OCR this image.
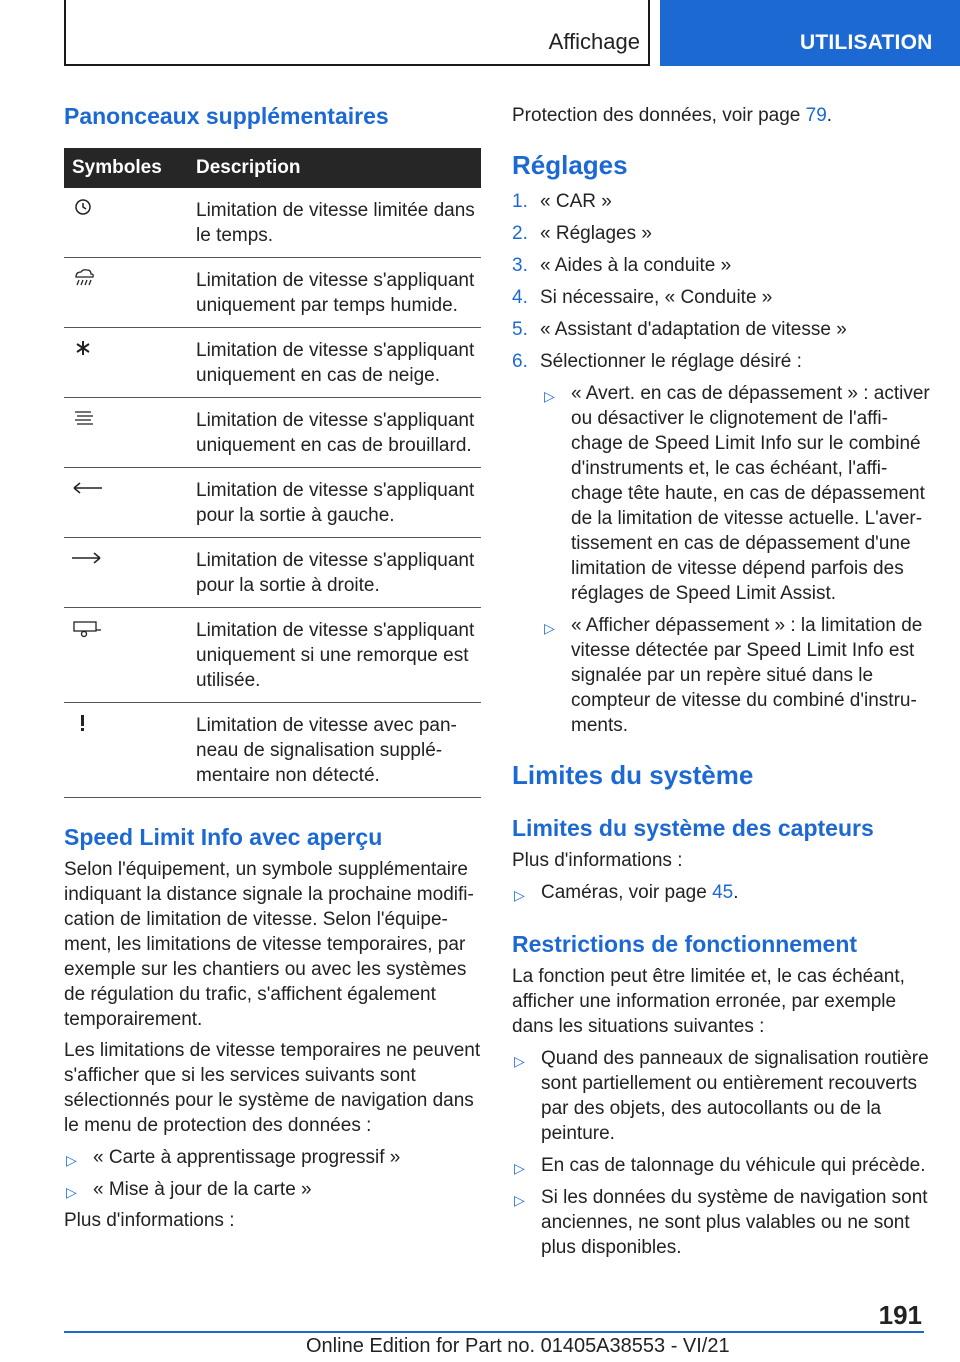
Affichage	UTILISATION
Panonceaux supplémentaires
Symboles	Description
	Limitation de vitesse limitée dans le temps.
	Limitation de vitesse s'appliquant uniquement par temps humide.
	Limitation de vitesse s'appliquant uniquement en cas de neige.
	Limitation de vitesse s'appliquant uniquement en cas de brouillard.
	Limitation de vitesse s'appliquant pour la sortie à gauche.
	Limitation de vitesse s'appliquant pour la sortie à droite.
	Limitation de vitesse s'appliquant uniquement si une remorque est utilisée.
	Limitation de vitesse avec panneau de signalisation supplémentaire non détecté.
Speed Limit Info avec aperçu

Selon l'équipement, un symbole supplémentaire indiquant la distance signale la prochaine modification de limitation de vitesse. Selon l'équipement, les limitations de vitesse temporaires, par exemple sur les chantiers ou avec les systèmes de régulation du trafic, s'affichent également temporairement.

Les limitations de vitesse temporaires ne peuvent s'afficher que si les services suivants sont sélectionnés pour le système de navigation dans le menu de protection des données :

▷ « Carte à apprentissage progressif »
▷ « Mise à jour de la carte »

Plus d'informations :

Protection des données, voir page 79.

Réglages
1. « CAR »
2. « Réglages »
3. « Aides à la conduite »
4. Si nécessaire, « Conduite »
5. « Assistant d'adaptation de vitesse »
6. Sélectionner le réglage désiré :
▷ « Avert. en cas de dépassement » : activer ou désactiver le clignotement de l'affichage de Speed Limit Info sur le combiné d'instruments et, le cas échéant, l'affichage tête haute, en cas de dépassement de la limitation de vitesse actuelle. L'avertissement en cas de dépassement d'une limitation de vitesse dépend parfois des réglages de Speed Limit Assist.
▷ « Afficher dépassement » : la limitation de vitesse détectée par Speed Limit Info est signalée par un repère situé dans le compteur de vitesse du combiné d'instruments.
Limites du système
Limites du système des capteurs

Plus d'informations :

▷ Caméras, voir page 45.
Restrictions de fonctionnement

La fonction peut être limitée et, le cas échéant, afficher une information erronée, par exemple dans les situations suivantes :

▷ Quand des panneaux de signalisation routière sont partiellement ou entièrement recouverts par des objets, des autocollants ou de la peinture.
▷ En cas de talonnage du véhicule qui précède.
▷ Si les données du système de navigation sont anciennes, ne sont plus valables ou ne sont plus disponibles.
191
Online Edition for Part no. 01405A38553 - VI/21
